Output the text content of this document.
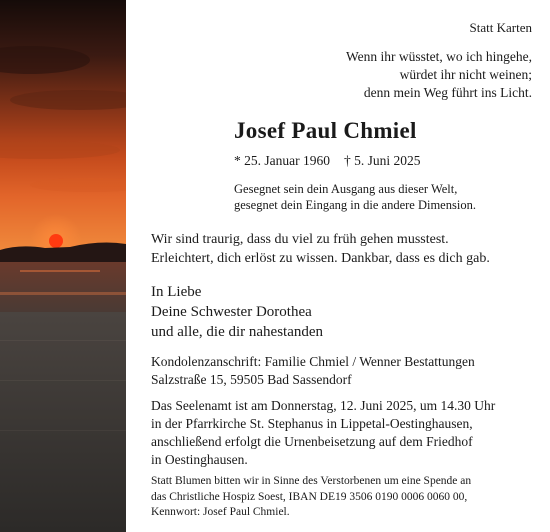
Statt Karten
Wenn ihr wüsstet, wo ich hingehe,
würdet ihr nicht weinen;
denn mein Weg führt ins Licht.
Josef Paul Chmiel
* 25. Januar 1960 † 5. Juni 2025
Gesegnet sein dein Ausgang aus dieser Welt,
gesegnet dein Eingang in die andere Dimension.
Wir sind traurig, dass du viel zu früh gehen musstest.
Erleichtert, dich erlöst zu wissen. Dankbar, dass es dich gab.
In Liebe
Deine Schwester Dorothea
und alle, die dir nahestanden
Kondolenzanschrift: Familie Chmiel / Wenner Bestattungen
Salzstraße 15, 59505 Bad Sassendorf
Das Seelenamt ist am Donnerstag, 12. Juni 2025, um 14.30 Uhr
in der Pfarrkirche St. Stephanus in Lippetal-Oestinghausen,
anschließend erfolgt die Urnenbeisetzung auf dem Friedhof
in Oestinghausen.
Statt Blumen bitten wir in Sinne des Verstorbenen um eine Spende an
das Christliche Hospiz Soest, IBAN DE19 3506 0190 0006 0060 00,
Kennwort: Josef Paul Chmiel.
